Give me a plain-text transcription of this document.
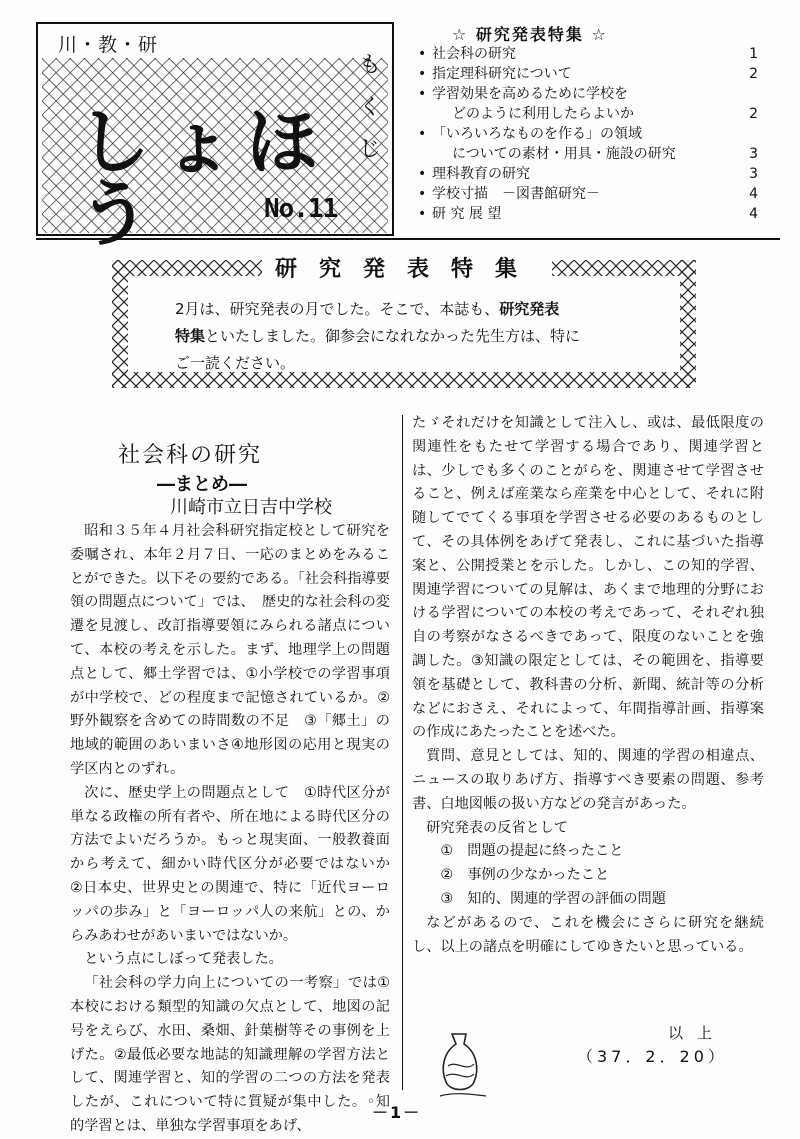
川・教・研
しょほう	No.11
も
く
じ
☆ 研究発表特集 ☆
• 社会科の研究	1
• 指定理科研究について	2
• 学習効果を高めるために学校を
どのように利用したらよいか	2
• 「いろいろなものを作る」の領域
についての素材・用具・施設の研究	3
• 理科教育の研究	3
• 学校寸描　－図書館研究－	4
• 研 究 展 望	4
研究発表特集
2月は、研究発表の月でした。そこで、本誌も、研究発表
特集といたしました。御参会になれなかった先生方は、特に
ご一読ください。
社会科の研究
―まとめ―
川崎市立日吉中学校

昭和３５年４月社会科研究指定校として研究を委嘱され、本年２月７日、一応のまとめをみることができた。以下その要約である。「社会科指導要領の問題点について」では、　歴史的な社会科の変遷を見渡し、改訂指導要領にみられる諸点について、本校の考えを示した。まず、地理学上の問題点として、郷土学習では、①小学校での学習事項が中学校で、どの程度まで記憶されているか。②野外観察を含めての時間数の不足　③「郷土」の地域的範囲のあいまいさ④地形図の応用と現実の学区内とのずれ。

次に、歴史学上の問題点として　①時代区分が単なる政権の所有者や、所在地による時代区分の方法でよいだろうか。もっと現実面、一般教養面から考えて、細かい時代区分が必要ではないか　②日本史、世界史との関連で、特に「近代ヨーロッパの歩み」と「ヨーロッパ人の来航」との、からみあわせがあいまいではないか。

という点にしぼって発表した。

「社会科の学力向上についての一考察」では①本校における類型的知識の欠点として、地図の記号をえらび、水田、桑畑、針葉樹等その事例を上げた。②最低必要な地誌的知識理解の学習方法として、関連学習と、知的学習の二つの方法を発表したが、これについて特に質疑が集中した。◦知的学習とは、単独な学習事項をあげ、

たゞそれだけを知識として注入し、或は、最低限度の関連性をもたせて学習する場合であり、関連学習とは、少しでも多くのことがらを、関連させて学習させること、例えば産業なら産業を中心として、それに附随してでてくる事項を学習させる必要のあるものとして、その具体例をあげて発表し、これに基づいた指導案と、公開授業とを示した。しかし、この知的学習、関連学習についての見解は、あくまで地理的分野における学習についての本校の考えであって、それぞれ独自の考察がなさるべきであって、限度のないことを強調した。③知識の限定としては、その範囲を、指導要領を基礎として、教科書の分析、新聞、統計等の分析などにおさえ、それによって、年間指導計画、指導案の作成にあたったことを述べた。

質問、意見としては、知的、関連的学習の相違点、ニュースの取りあげ方、指導すべき要素の問題、参考書、白地図帳の扱い方などの発言があった。

研究発表の反省として

①　問題の提起に終ったこと

②　事例の少なかったこと

③　知的、関連的学習の評価の問題

などがあるので、これを機会にさらに研究を継続し、以上の諸点を明確にしてゆきたいと思っている。

以上
（37．2．20）
－1－
